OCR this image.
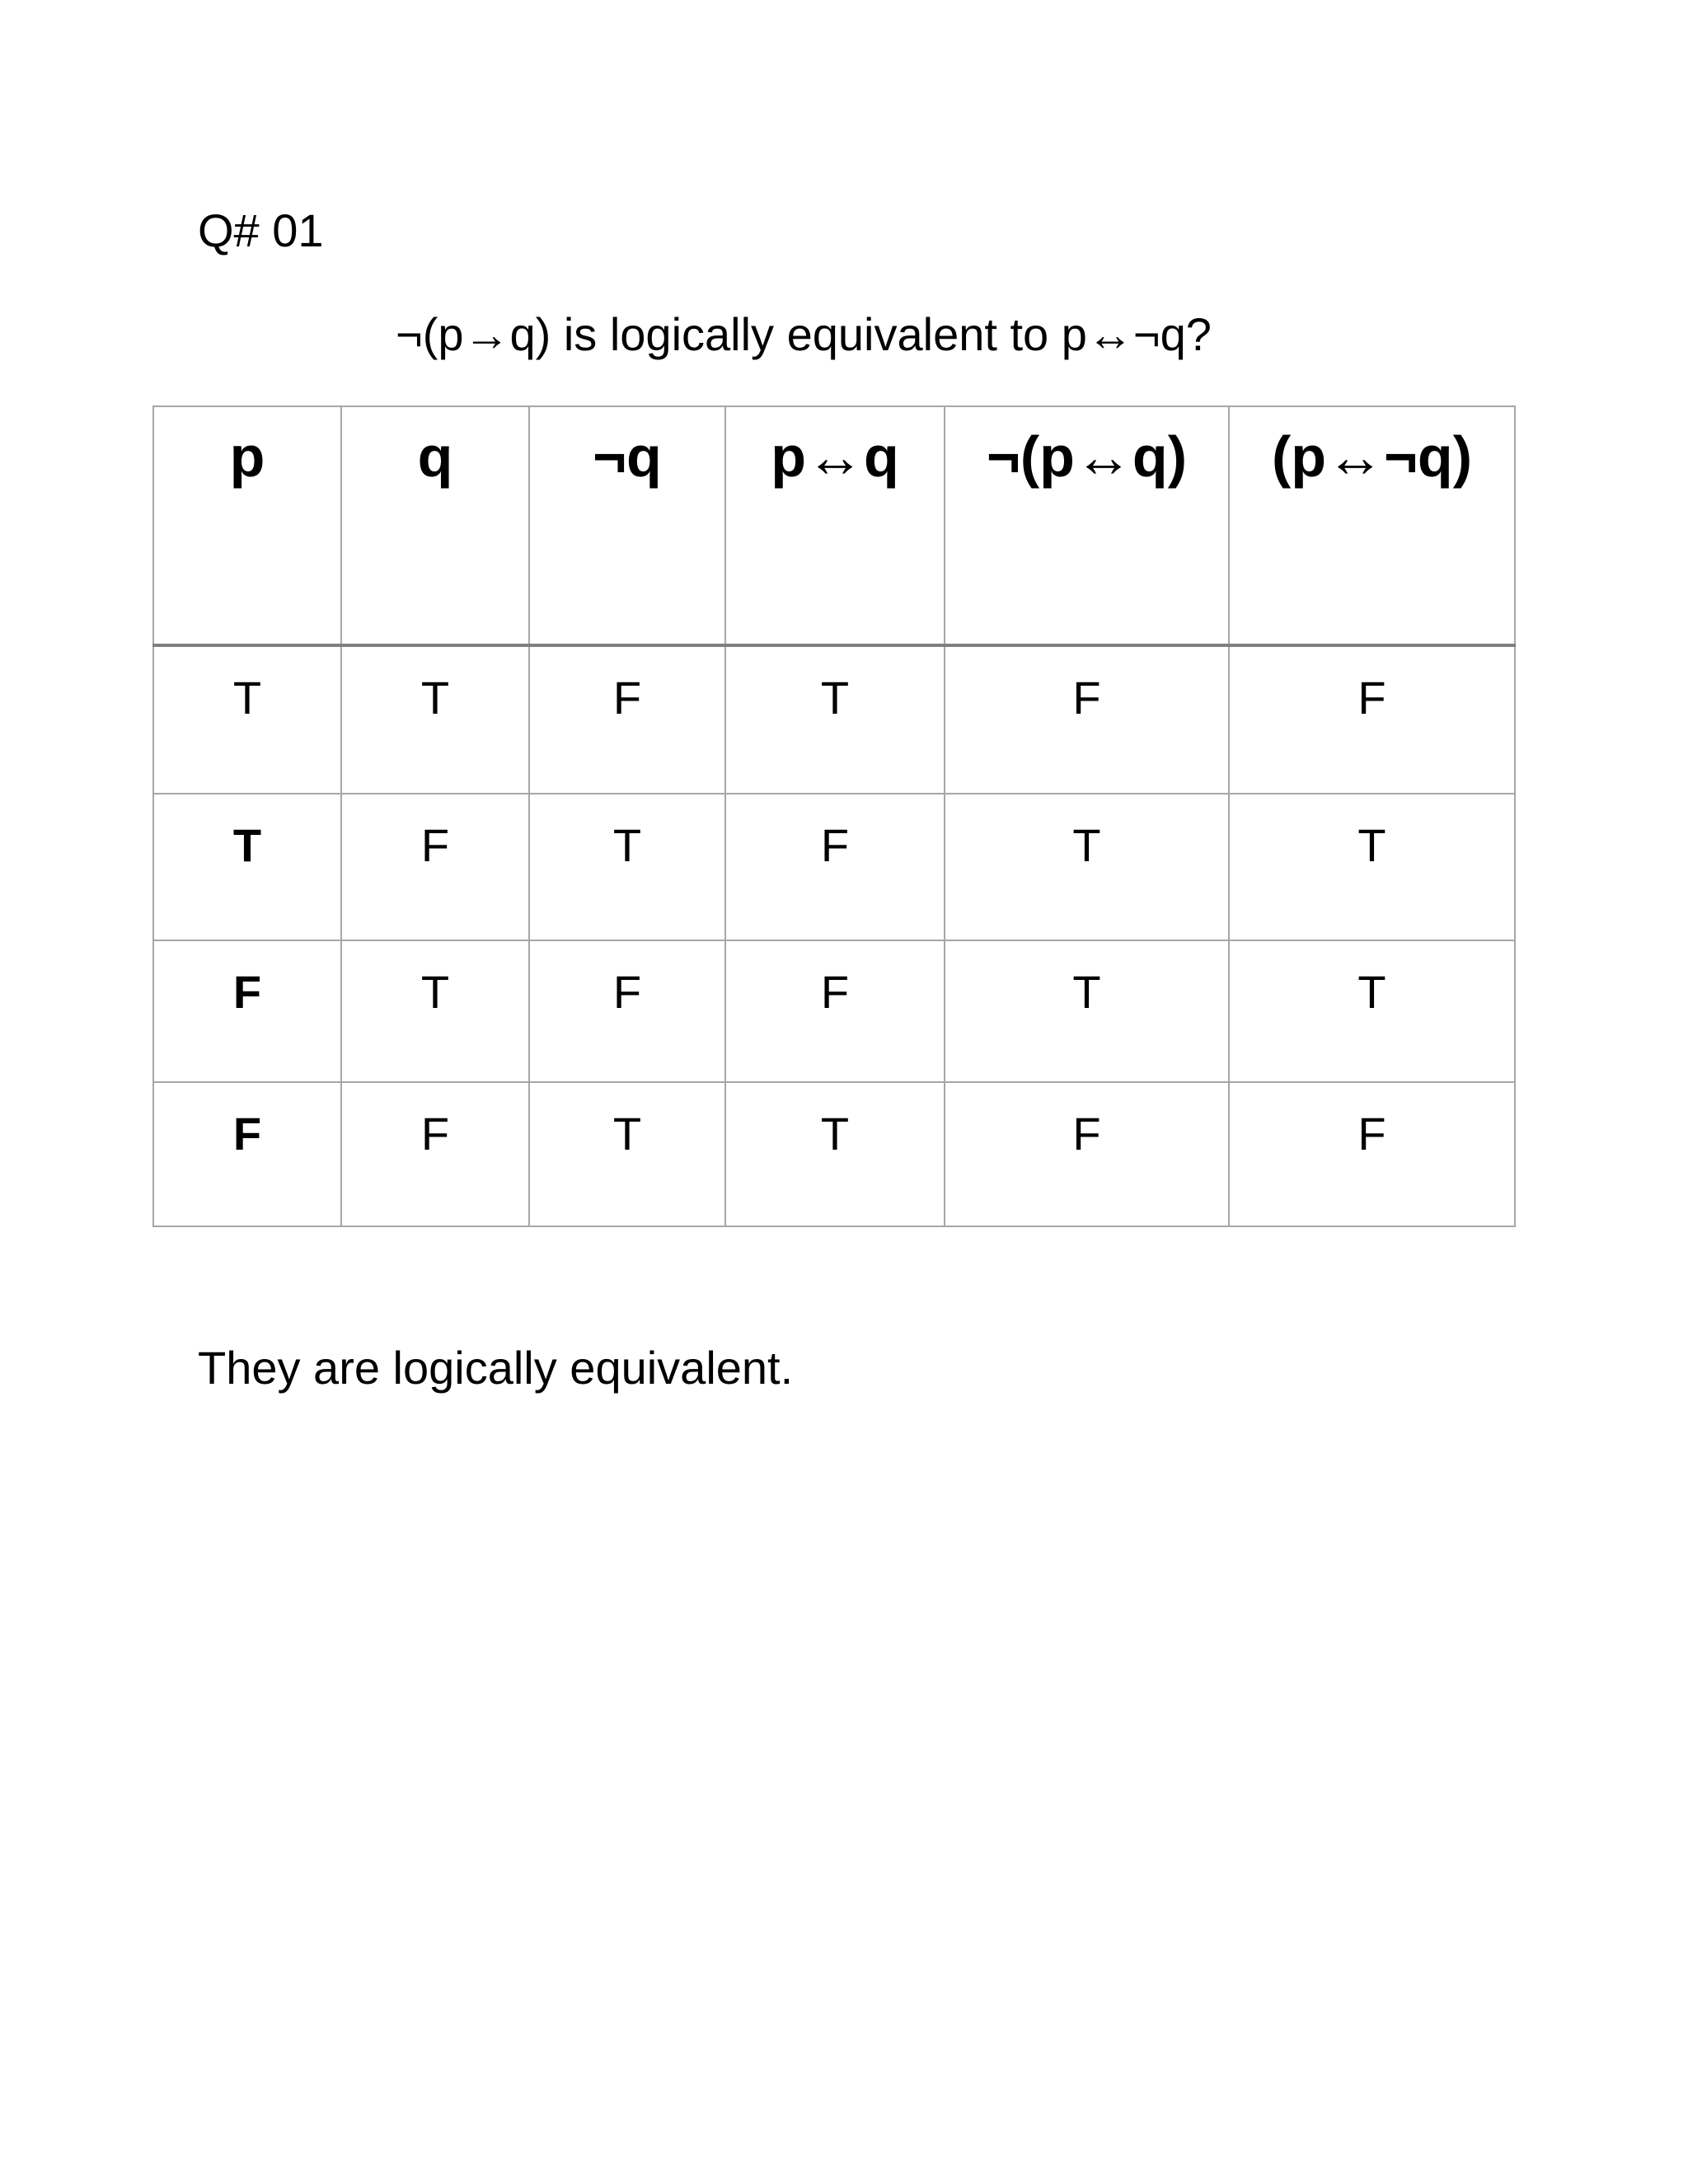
Q# 01
¬(p→q) is logically equivalent to p↔¬q?
p	q	¬q	p↔q	¬(p↔q)	(p↔¬q)
T	T	F	T	F	F
T	F	T	F	T	T
F	T	F	F	T	T
F	F	T	T	F	F
They are logically equivalent.
